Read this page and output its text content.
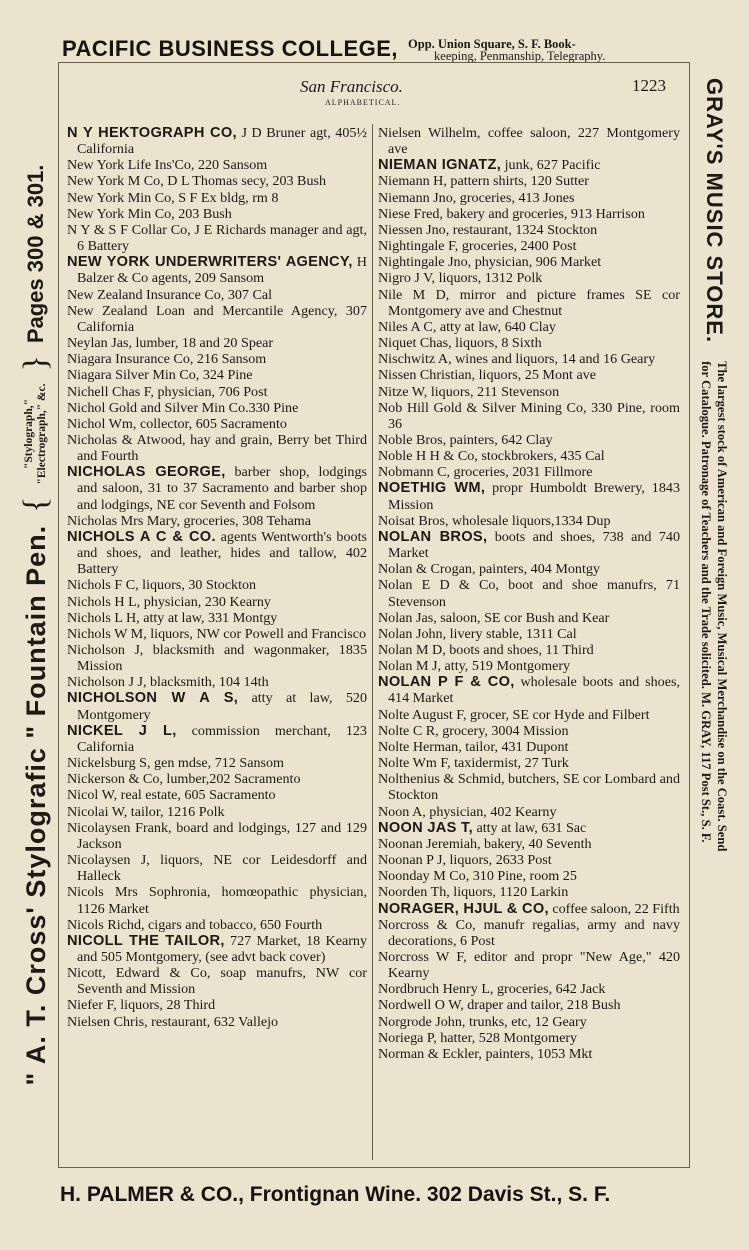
PACIFIC BUSINESS COLLEGE, Opp. Union Square, S. F. Book-
keeping, Penmanship, Telegraphy.
" A. T. Cross' Stylografic " Fountain Pen.
{
"Stylograph," "Electrograph," &c.
}
Pages 300 & 301.	GRAY'S MUSIC STORE.
The largest stock of American and Foreign Music, Musical Merchandise on the Coast. Send
for Catalogue. Patronage of Teachers and the Trade solicited. M. GRAY, 117 Post St., S. F.
San Francisco.
ALPHABETICAL.
1223

N Y HEKTOGRAPH CO, J D Bruner agt, 405½ California

New York Life Ins'Co, 220 Sansom

New York M Co, D L Thomas secy, 203 Bush

New York Min Co, S F Ex bldg, rm 8

New York Min Co, 203 Bush

N Y & S F Collar Co, J E Richards manager and agt, 6 Battery

NEW YORK UNDERWRITERS' AGENCY, H Balzer & Co agents, 209 Sansom

New Zealand Insurance Co, 307 Cal

New Zealand Loan and Mercantile Agency, 307 California

Neylan Jas, lumber, 18 and 20 Spear

Niagara Insurance Co, 216 Sansom

Niagara Silver Min Co, 324 Pine

Nichell Chas F, physician, 706 Post

Nichol Gold and Silver Min Co.330 Pine

Nichol Wm, collector, 605 Sacramento

Nicholas & Atwood, hay and grain, Berry bet Third and Fourth

NICHOLAS GEORGE, barber shop, lodgings and saloon, 31 to 37 Sacramento and barber shop and lodgings, NE cor Seventh and Folsom

Nicholas Mrs Mary, groceries, 308 Tehama

NICHOLS A C & CO. agents Wentworth's boots and shoes, and leather, hides and tallow, 402 Battery

Nichols F C, liquors, 30 Stockton

Nichols H L, physician, 230 Kearny

Nichols L H, atty at law, 331 Montgy

Nichols W M, liquors, NW cor Powell and Francisco

Nicholson J, blacksmith and wagonmaker, 1835 Mission

Nicholson J J, blacksmith, 104 14th

NICHOLSON W A S, atty at law, 520 Montgomery

NICKEL J L, commission merchant, 123 California

Nickelsburg S, gen mdse, 712 Sansom

Nickerson & Co, lumber,202 Sacramento

Nicol W, real estate, 605 Sacramento

Nicolai W, tailor, 1216 Polk

Nicolaysen Frank, board and lodgings, 127 and 129 Jackson

Nicolaysen J, liquors, NE cor Leidesdorff and Halleck

Nicols Mrs Sophronia, homœopathic physician, 1126 Market

Nicols Richd, cigars and tobacco, 650 Fourth

NICOLL THE TAILOR, 727 Market, 18 Kearny and 505 Montgomery, (see advt back cover)

Nicott, Edward & Co, soap manufrs, NW cor Seventh and Mission

Niefer F, liquors, 28 Third

Nielsen Chris, restaurant, 632 Vallejo

Nielsen Wilhelm, coffee saloon, 227 Montgomery ave

NIEMAN IGNATZ, junk, 627 Pacific

Niemann H, pattern shirts, 120 Sutter

Niemann Jno, groceries, 413 Jones

Niese Fred, bakery and groceries, 913 Harrison

Niessen Jno, restaurant, 1324 Stockton

Nightingale F, groceries, 2400 Post

Nightingale Jno, physician, 906 Market

Nigro J V, liquors, 1312 Polk

Nile M D, mirror and picture frames SE cor Montgomery ave and Chestnut

Niles A C, atty at law, 640 Clay

Niquet Chas, liquors, 8 Sixth

Nischwitz A, wines and liquors, 14 and 16 Geary

Nissen Christian, liquors, 25 Mont ave

Nitze W, liquors, 211 Stevenson

Nob Hill Gold & Silver Mining Co, 330 Pine, room 36

Noble Bros, painters, 642 Clay

Noble H H & Co, stockbrokers, 435 Cal

Nobmann C, groceries, 2031 Fillmore

NOETHIG WM, propr Humboldt Brewery, 1843 Mission

Noisat Bros, wholesale liquors,1334 Dup

NOLAN BROS, boots and shoes, 738 and 740 Market

Nolan & Crogan, painters, 404 Montgy

Nolan E D & Co, boot and shoe manufrs, 71 Stevenson

Nolan Jas, saloon, SE cor Bush and Kear

Nolan John, livery stable, 1311 Cal

Nolan M D, boots and shoes, 11 Third

Nolan M J, atty, 519 Montgomery

NOLAN P F & CO, wholesale boots and shoes, 414 Market

Nolte August F, grocer, SE cor Hyde and Filbert

Nolte C R, grocery, 3004 Mission

Nolte Herman, tailor, 431 Dupont

Nolte Wm F, taxidermist, 27 Turk

Nolthenius & Schmid, butchers, SE cor Lombard and Stockton

Noon A, physician, 402 Kearny

NOON JAS T, atty at law, 631 Sac

Noonan Jeremiah, bakery, 40 Seventh

Noonan P J, liquors, 2633 Post

Noonday M Co, 310 Pine, room 25

Noorden Th, liquors, 1120 Larkin

NORAGER, HJUL & CO, coffee saloon, 22 Fifth

Norcross & Co, manufr regalias, army and navy decorations, 6 Post

Norcross W F, editor and propr "New Age," 420 Kearny

Nordbruch Henry L, groceries, 642 Jack

Nordwell O W, draper and tailor, 218 Bush

Norgrode John, trunks, etc, 12 Geary

Noriega P, hatter, 528 Montgomery

Norman & Eckler, painters, 1053 Mkt

H. PALMER & CO., Frontignan Wine. 302 Davis St., S. F.
